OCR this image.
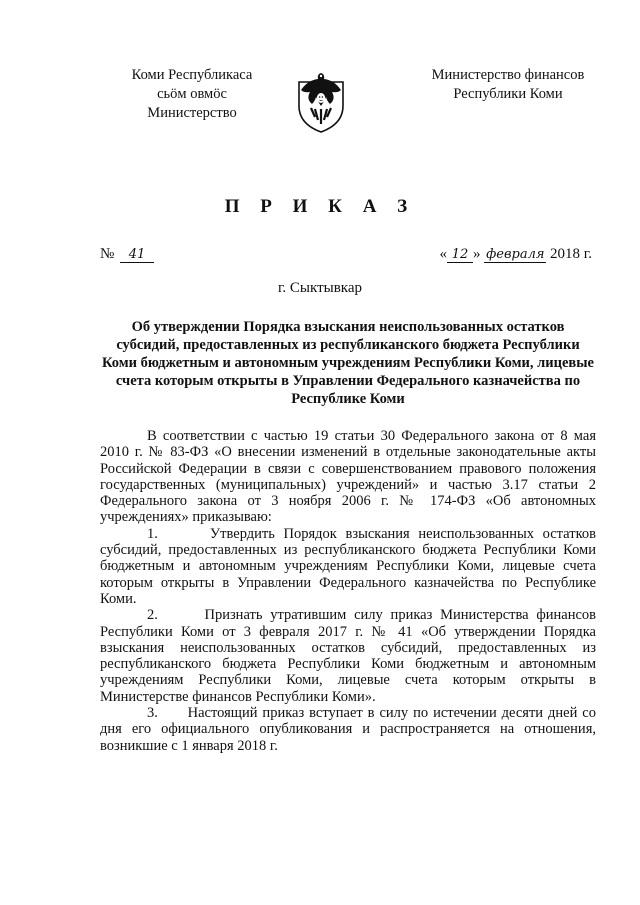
Коми Республикаса
сьӧм овмӧс
Министерство
Министерство финансов
Республики Коми
П Р И К А З
№ 41	« 12 » февраля 2018 г.
г. Сыктывкар
Об утверждении Порядка взыскания неиспользованных остатков субсидий, предоставленных из республиканского бюджета Республики Коми бюджетным и автономным учреждениям Республики Коми, лицевые счета которым открыты в Управлении Федерального казначейства по Республике Коми

В соответствии с частью 19 статьи 30 Федерального закона от 8 мая 2010 г. № 83-ФЗ «О внесении изменений в отдельные законодательные акты Российской Федерации в связи с совершенствованием правового положения государственных (муниципальных) учреждений» и частью 3.17 статьи 2 Федерального закона от 3 ноября 2006 г. № 174-ФЗ «Об автономных учреждениях» приказываю:

1.      Утвердить Порядок взыскания неиспользованных остатков субсидий, предоставленных из республиканского бюджета Республики Коми бюджетным и автономным учреждениям Республики Коми, лицевые счета которым открыты в Управлении Федерального казначейства по Республике Коми.

2.      Признать утратившим силу приказ Министерства финансов Республики Коми от 3 февраля 2017 г. № 41 «Об утверждении Порядка взыскания неиспользованных остатков субсидий, предоставленных из республиканского бюджета Республики Коми бюджетным и автономным учреждениям Республики Коми, лицевые счета которым открыты в Министерстве финансов Республики Коми».

3.      Настоящий приказ вступает в силу по истечении десяти дней со дня его официального опубликования и распространяется на отношения, возникшие с 1 января 2018 г.
